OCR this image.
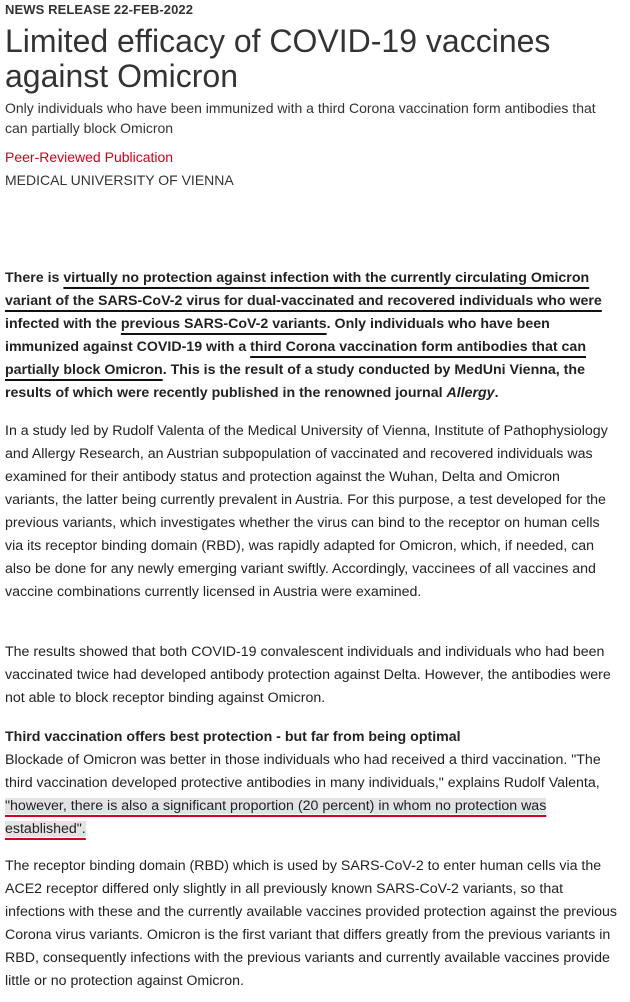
NEWS RELEASE 22-FEB-2022
Limited efficacy of COVID-19 vaccines against Omicron
Only individuals who have been immunized with a third Corona vaccination form antibodies that can partially block Omicron
Peer-Reviewed Publication
MEDICAL UNIVERSITY OF VIENNA
There is virtually no protection against infection with the currently circulating Omicron variant of the SARS-CoV-2 virus for dual-vaccinated and recovered individuals who were infected with the previous SARS-CoV-2 variants. Only individuals who have been immunized against COVID-19 with a third Corona vaccination form antibodies that can partially block Omicron. This is the result of a study conducted by MedUni Vienna, the results of which were recently published in the renowned journal Allergy.
In a study led by Rudolf Valenta of the Medical University of Vienna, Institute of Pathophysiology and Allergy Research, an Austrian subpopulation of vaccinated and recovered individuals was examined for their antibody status and protection against the Wuhan, Delta and Omicron variants, the latter being currently prevalent in Austria. For this purpose, a test developed for the previous variants, which investigates whether the virus can bind to the receptor on human cells via its receptor binding domain (RBD), was rapidly adapted for Omicron, which, if needed, can also be done for any newly emerging variant swiftly. Accordingly, vaccinees of all vaccines and vaccine combinations currently licensed in Austria were examined.
The results showed that both COVID-19 convalescent individuals and individuals who had been vaccinated twice had developed antibody protection against Delta. However, the antibodies were not able to block receptor binding against Omicron.
Third vaccination offers best protection - but far from being optimal
Blockade of Omicron was better in those individuals who had received a third vaccination. "The third vaccination developed protective antibodies in many individuals," explains Rudolf Valenta, "however, there is also a significant proportion (20 percent) in whom no protection was established".
The receptor binding domain (RBD) which is used by SARS-CoV-2 to enter human cells via the ACE2 receptor differed only slightly in all previously known SARS-CoV-2 variants, so that infections with these and the currently available vaccines provided protection against the previous Corona virus variants. Omicron is the first variant that differs greatly from the previous variants in RBD, consequently infections with the previous variants and currently available vaccines provide little or no protection against Omicron.
